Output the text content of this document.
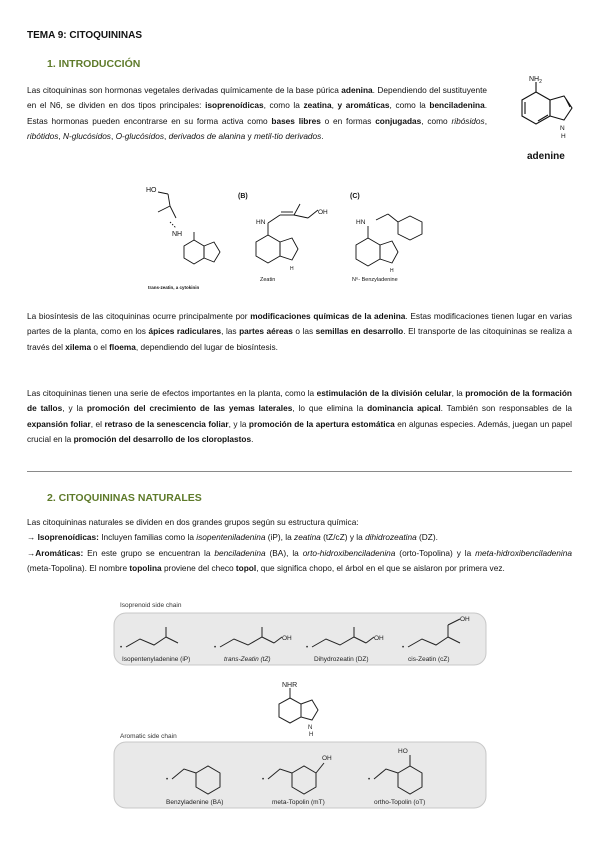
TEMA 9: CITOQUININAS
1. INTRODUCCIÓN
Las citoquininas son hormonas vegetales derivadas químicamente de la base púrica adenina. Dependiendo del sustituyente en el N6, se dividen en dos tipos principales: isoprenoídicas, como la zeatina, y aromáticas, como la benciladenina. Estas hormonas pueden encontrarse en su forma activa como bases libres o en formas conjugadas, como ribósidos, ribótidos, N-glucósidos, O-glucósidos, derivados de alanina y metil-tio derivados.
$NH_2$
N
H
adenine
HO
NH
trans-zeatin, a cytokinin
(B)
OH
HN
H
Zeatin
(C)
HN
H
N⁶- Benzyladenine
La biosíntesis de las citoquininas ocurre principalmente por modificaciones químicas de la adenina. Estas modificaciones tienen lugar en varias partes de la planta, como en los ápices radiculares, las partes aéreas o las semillas en desarrollo. El transporte de las citoquininas se realiza a través del xilema o el floema, dependiendo del lugar de biosíntesis.
Las citoquininas tienen una serie de efectos importantes en la planta, como la estimulación de la división celular, la promoción de la formación de tallos, y la promoción del crecimiento de las yemas laterales, lo que elimina la dominancia apical. También son responsables de la expansión foliar, el retraso de la senescencia foliar, y la promoción de la apertura estomática en algunas especies. Además, juegan un papel crucial en la promoción del desarrollo de los cloroplastos.
2. CITOQUININAS NATURALES
Las citoquininas naturales se dividen en dos grandes grupos según su estructura química:
→ Isoprenoídicas: Incluyen familias como la isopenteniladenina (iP), la zeatina (tZ/cZ) y la dihidrozeatina (DZ).
→Aromáticas: En este grupo se encuentran la benciladenina (BA), la orto-hidroxibenciladenina (orto-Topolina) y la meta-hidroxibenciladenina (meta-Topolina). El nombre topolina proviene del checo topol, que significa chopo, el árbol en el que se aislaron por primera vez.
Isoprenoid side chain
•	•	•	•
OH	OH
OH
Isopentenyladenine (iP)	trans-Zeatin (tZ)	Dihydrozeatin (DZ)	cis-Zeatin (cZ)
NHR
N
H
Aromatic side chain
•	•	•
OH
HO
Benzyladenine (BA)	meta-Topolin (mT)	ortho-Topolin (oT)
